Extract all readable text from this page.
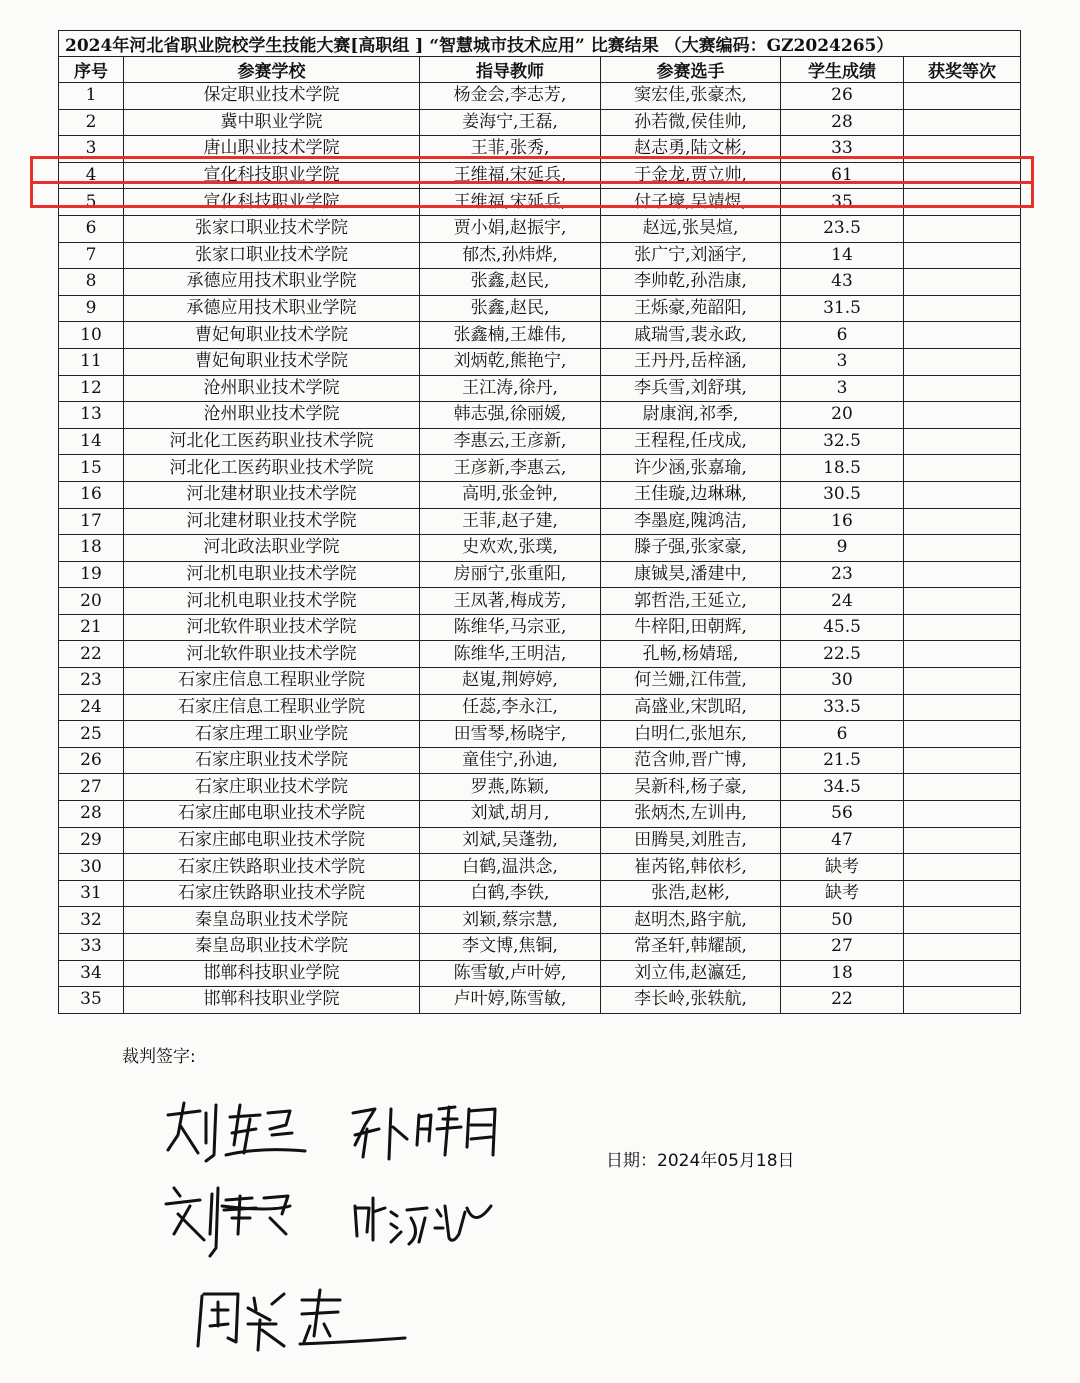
2024年河北省职业院校学生技能大赛[高职组 ] “智慧城市技术应用” 比赛结果 （大赛编码：GZ2024265）					
序号	参赛学校	指导教师	参赛选手	学生成绩	获奖等次
1	保定职业技术学院	杨金会,李志芳,	窦宏佳,张豪杰,	26	
2	冀中职业学院	姜海宁,王磊,	孙若微,侯佳帅,	28	
3	唐山职业技术学院	王菲,张秀,	赵志勇,陆文彬,	33	
4	宣化科技职业学院	王维福,宋延兵,	于金龙,贾立帅,	61	
5	宣化科技职业学院	王维福,宋延兵,	付子壕,吴靖煜,	35	
6	张家口职业技术学院	贾小娟,赵振宇,	赵远,张昊煊,	23.5	
7	张家口职业技术学院	郁杰,孙炜烨,	张广宁,刘涵宇,	14	
8	承德应用技术职业学院	张鑫,赵民,	李帅乾,孙浩康,	43	
9	承德应用技术职业学院	张鑫,赵民,	王烁豪,苑韶阳,	31.5	
10	曹妃甸职业技术学院	张鑫楠,王雄伟,	戚瑞雪,裴永政,	6	
11	曹妃甸职业技术学院	刘炳乾,熊艳宁,	王丹丹,岳梓涵,	3	
12	沧州职业技术学院	王江涛,徐丹,	李兵雪,刘舒琪,	3	
13	沧州职业技术学院	韩志强,徐丽媛,	尉康润,祁季,	20	
14	河北化工医药职业技术学院	李惠云,王彦新,	王程程,任戌成,	32.5	
15	河北化工医药职业技术学院	王彦新,李惠云,	许少涵,张嘉瑜,	18.5	
16	河北建材职业技术学院	高明,张金钟,	王佳璇,边琳琳,	30.5	
17	河北建材职业技术学院	王菲,赵子建,	李墨庭,隗鸿洁,	16	
18	河北政法职业学院	史欢欢,张璞,	滕子强,张家豪,	9	
19	河北机电职业技术学院	房丽宁,张重阳,	康铖昊,潘建中,	23	
20	河北机电职业技术学院	王凤著,梅成芳,	郭哲浩,王延立,	24	
21	河北软件职业技术学院	陈维华,马宗亚,	牛梓阳,田朝辉,	45.5	
22	河北软件职业技术学院	陈维华,王明洁,	孔畅,杨婧瑶,	22.5	
23	石家庄信息工程职业学院	赵嵬,荆婷婷,	何兰姗,江伟萱,	30	
24	石家庄信息工程职业学院	任蕊,李永江,	高盛业,宋凯昭,	33.5	
25	石家庄理工职业学院	田雪琴,杨晓宇,	白明仁,张旭东,	6	
26	石家庄职业技术学院	童佳宁,孙迪,	范含帅,晋广博,	21.5	
27	石家庄职业技术学院	罗燕,陈颖,	吴新科,杨子豪,	34.5	
28	石家庄邮电职业技术学院	刘斌,胡月,	张炳杰,左训冉,	56	
29	石家庄邮电职业技术学院	刘斌,吴蓬勃,	田腾昊,刘胜吉,	47	
30	石家庄铁路职业技术学院	白鹤,温洪念,	崔芮铭,韩依杉,	缺考	
31	石家庄铁路职业技术学院	白鹤,李铁,	张浩,赵彬,	缺考	
32	秦皇岛职业技术学院	刘颖,蔡宗慧,	赵明杰,路宇航,	50	
33	秦皇岛职业技术学院	李文博,焦铜,	常圣轩,韩耀颉,	27	
34	邯郸科技职业学院	陈雪敏,卢叶婷,	刘立伟,赵瀛廷,	18	
35	邯郸科技职业学院	卢叶婷,陈雪敏,	李长岭,张轶航,	22	
裁判签字:
日期：2024年05月18日
